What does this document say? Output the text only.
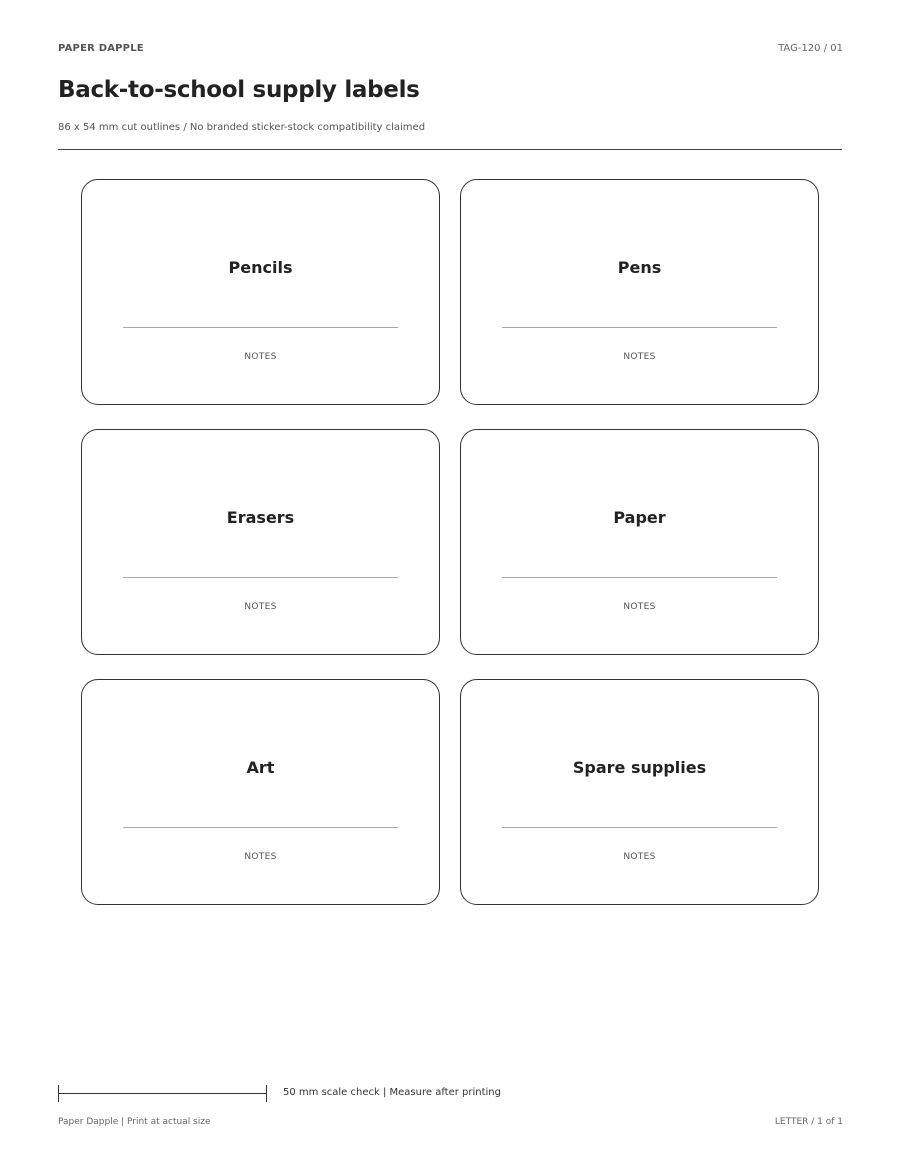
PAPER DAPPLE	TAG-120 / 01
Back-to-school supply labels
86 x 54 mm cut outlines / No branded sticker-stock compatibility claimed
Pencils
NOTES
Pens
NOTES
Erasers
NOTES
Paper
NOTES
Art
NOTES
Spare supplies
NOTES
50 mm scale check | Measure after printing
Paper Dapple | Print at actual size	LETTER / 1 of 1
